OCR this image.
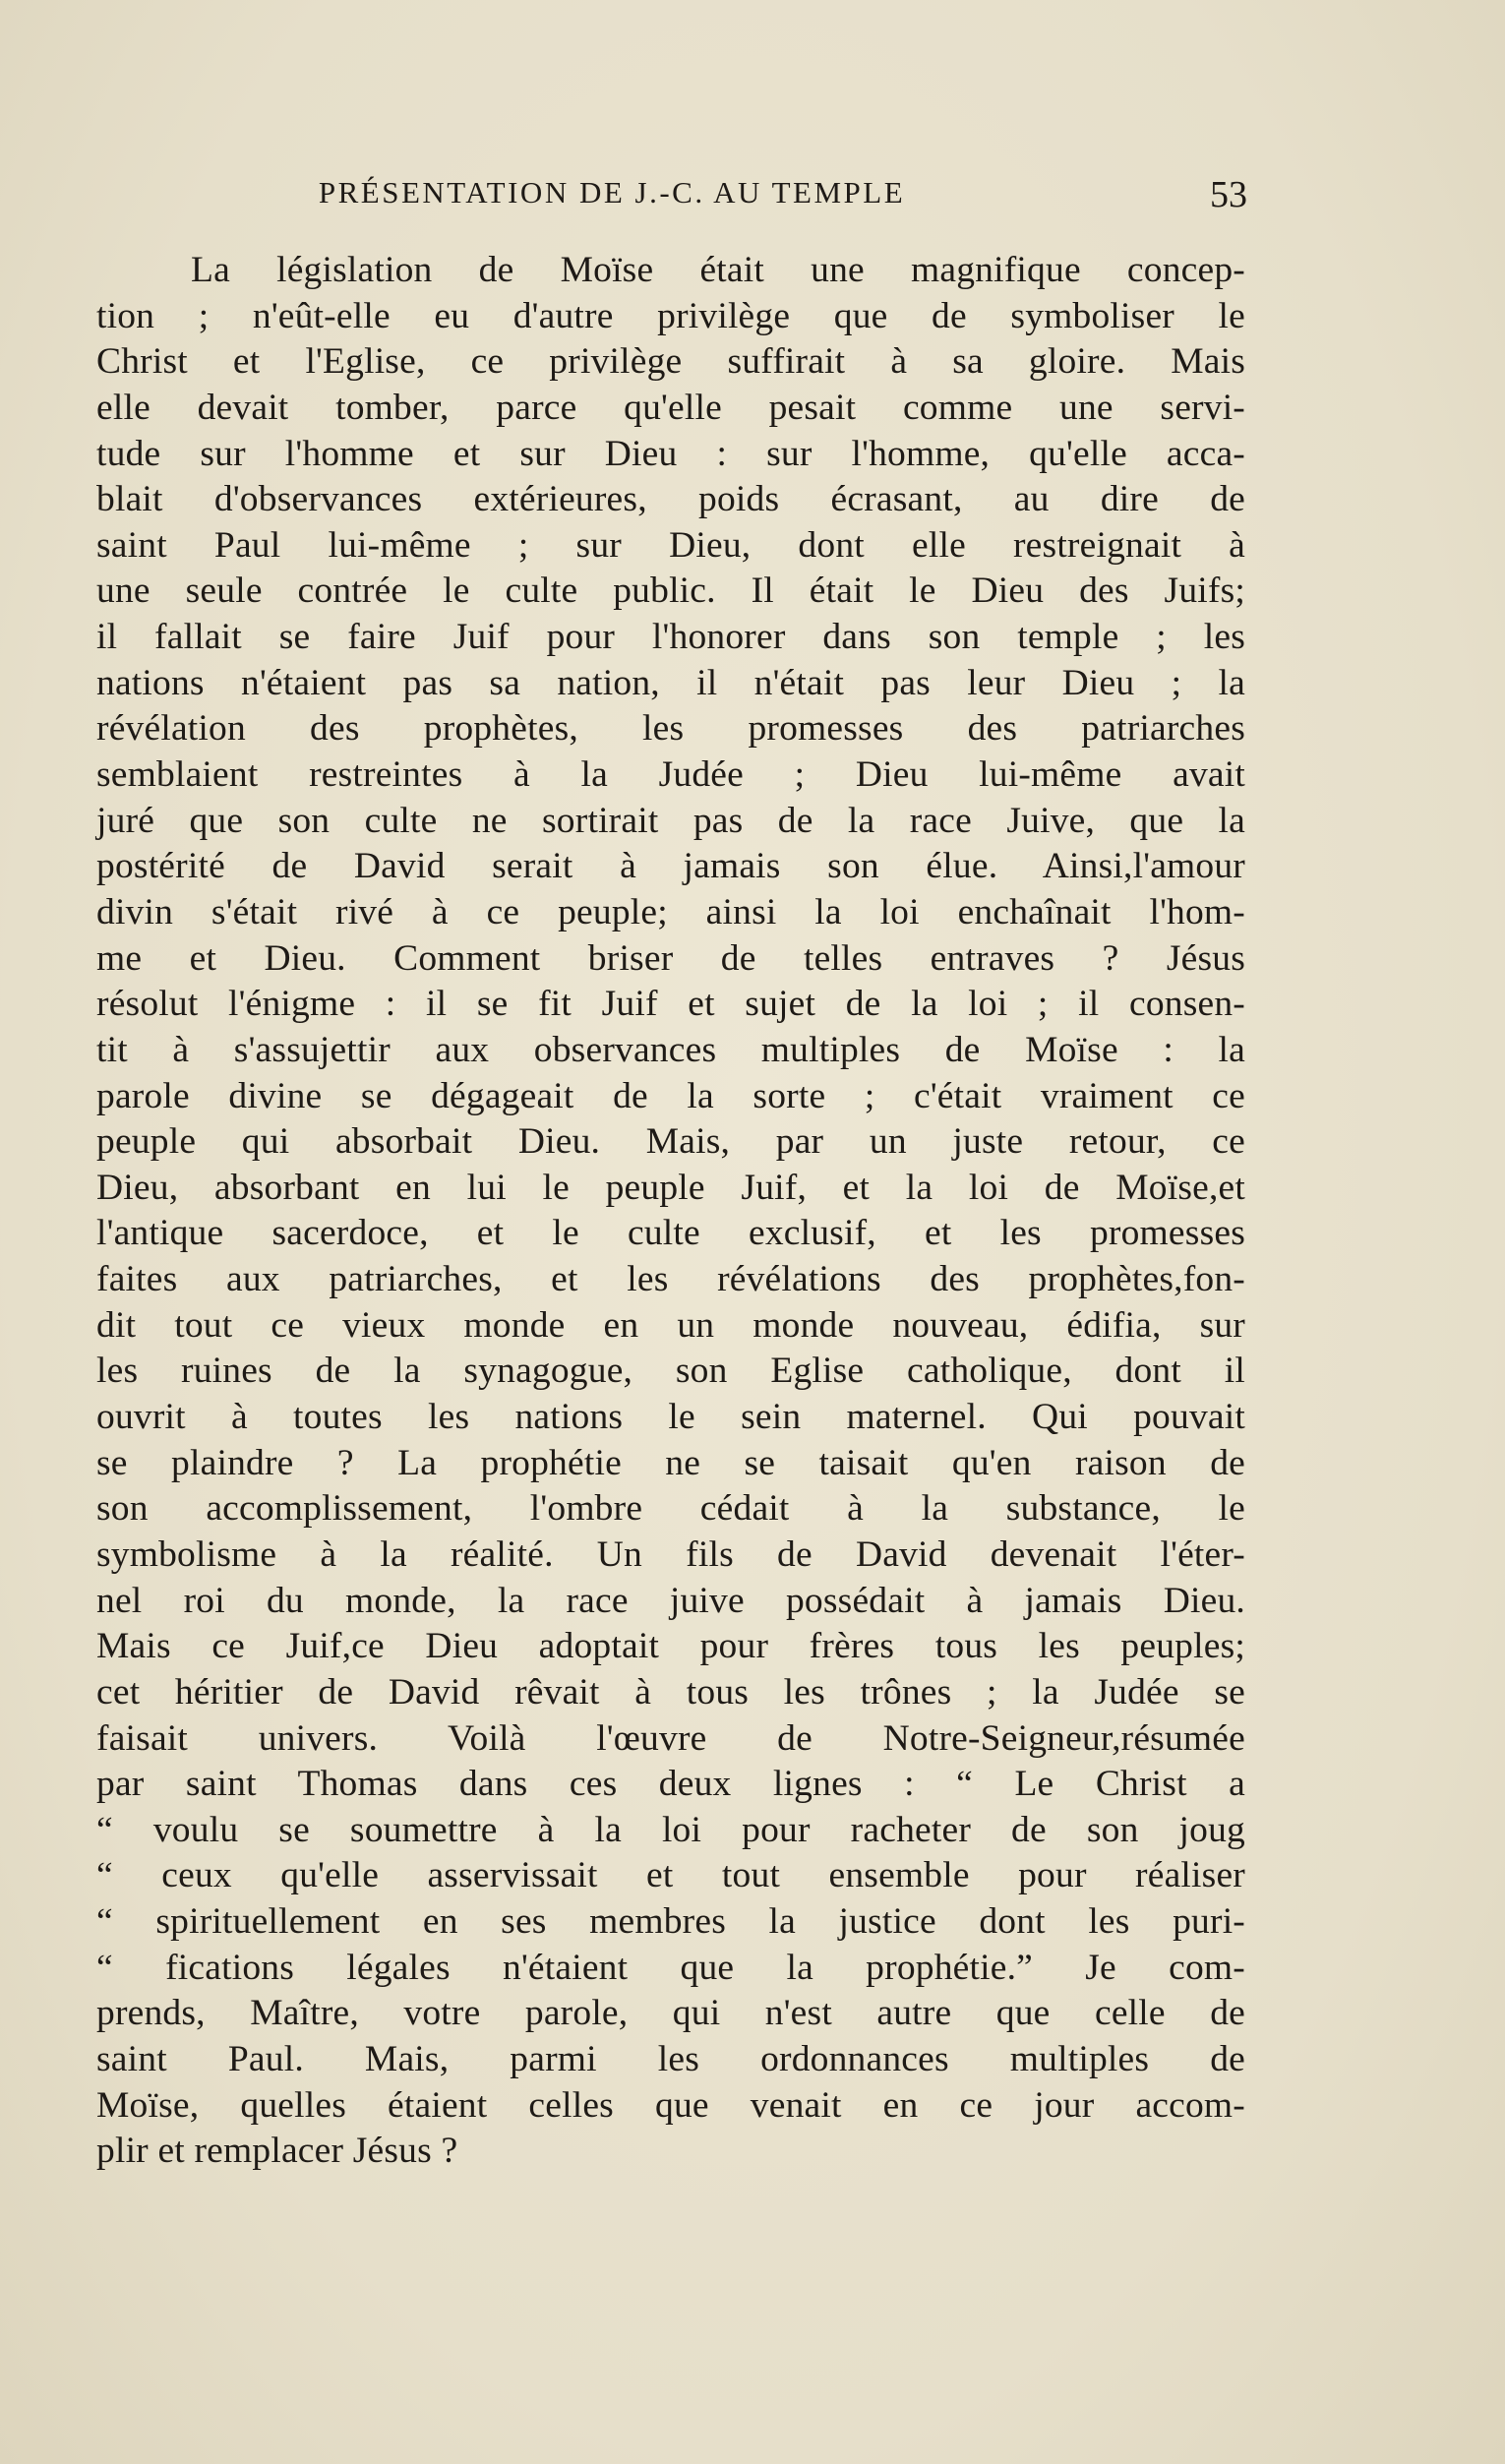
PRÉSENTATION DE J.-C. AU TEMPLE	53
La législation de Moïse était une magnifique concep-
tion ; n'eût-elle eu d'autre privilège que de symboliser le
Christ et l'Eglise, ce privilège suffirait à sa gloire. Mais
elle devait tomber, parce qu'elle pesait comme une servi-
tude sur l'homme et sur Dieu : sur l'homme, qu'elle acca-
blait d'observances extérieures, poids écrasant, au dire de
saint Paul lui-même ; sur Dieu, dont elle restreignait à
une seule contrée le culte public. Il était le Dieu des Juifs;
il fallait se faire Juif pour l'honorer dans son temple ; les
nations n'étaient pas sa nation, il n'était pas leur Dieu ; la
révélation des prophètes, les promesses des patriarches
semblaient restreintes à la Judée ; Dieu lui-même avait
juré que son culte ne sortirait pas de la race Juive, que la
postérité de David serait à jamais son élue. Ainsi,l'amour
divin s'était rivé à ce peuple; ainsi la loi enchaînait l'hom-
me et Dieu. Comment briser de telles entraves ? Jésus
résolut l'énigme : il se fit Juif et sujet de la loi ; il consen-
tit à s'assujettir aux observances multiples de Moïse : la
parole divine se dégageait de la sorte ; c'était vraiment ce
peuple qui absorbait Dieu. Mais, par un juste retour, ce
Dieu, absorbant en lui le peuple Juif, et la loi de Moïse,et
l'antique sacerdoce, et le culte exclusif, et les promesses
faites aux patriarches, et les révélations des prophètes,fon-
dit tout ce vieux monde en un monde nouveau, édifia, sur
les ruines de la synagogue, son Eglise catholique, dont il
ouvrit à toutes les nations le sein maternel. Qui pouvait
se plaindre ? La prophétie ne se taisait qu'en raison de
son accomplissement, l'ombre cédait à la substance, le
symbolisme à la réalité. Un fils de David devenait l'éter-
nel roi du monde, la race juive possédait à jamais Dieu.
Mais ce Juif,ce Dieu adoptait pour frères tous les peuples;
cet héritier de David rêvait à tous les trônes ; la Judée se
faisait univers. Voilà l'œuvre de Notre-Seigneur,résumée
par saint Thomas dans ces deux lignes : “ Le Christ a
“ voulu se soumettre à la loi pour racheter de son joug
“ ceux qu'elle asservissait et tout ensemble pour réaliser
“ spirituellement en ses membres la justice dont les puri-
“ fications légales n'étaient que la prophétie.” Je com-
prends, Maître, votre parole, qui n'est autre que celle de
saint Paul. Mais, parmi les ordonnances multiples de
Moïse, quelles étaient celles que venait en ce jour accom-
plir et remplacer Jésus ?
